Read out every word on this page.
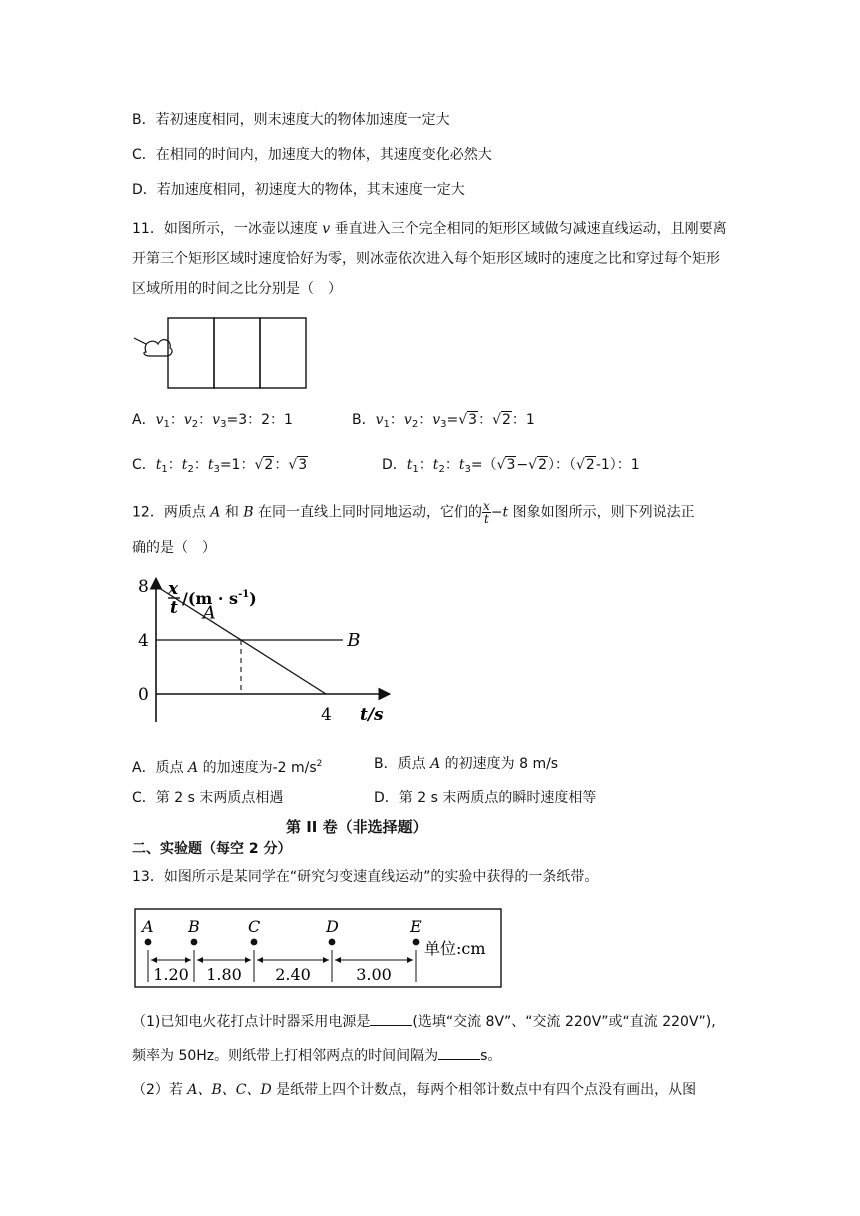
B．若初速度相同，则末速度大的物体加速度一定大
C．在相同的时间内，加速度大的物体，其速度变化必然大
D．若加速度相同，初速度大的物体，其末速度一定大
11．如图所示，一冰壶以速度 v 垂直进入三个完全相同的矩形区域做匀减速直线运动，且刚要离开第三个矩形区域时速度恰好为零，则冰壶依次进入每个矩形区域时的速度之比和穿过每个矩形区域所用的时间之比分别是（　）
A．$v_1$：$v_2$：$v_3=3$：2：1	B．$v_1$：$v_2$：$v_3=√3$：√2：1
C．$t_1$：$t_2$：$t_3=1$：√2：√3	D．$t_1$：$t_2$：$t_3=(√3-√2)$：（√2-1）：1
12．两质点 A 和 B 在同一直线上同时同地运动，它们的 $\frac{x}{t} -t$ 图象如图所示，则下列说法正
确的是（　）
x
t $/(m \cdot s^{-1})$
8
4
0
4
A
B
t/s
A．质点 A 的加速度为-2 $m/s^2$	B．质点 A 的初速度为 8 m/s
C．第 2 s 末两质点相遇	D．第 2 s 末两质点的瞬时速度相等
第 II 卷（非选择题）
二、实验题（每空 2 分）
13．如图所示是某同学在“研究匀变速直线运动”的实验中获得的一条纸带。
A B	C	D	E
1.20 1.80 2.40	3.00
单位:cm
（1)已知电火花打点计时器采用电源是	(选填“交流 8V”、“交流 220V”或“直流 220V”),
频率为 50Hz。则纸带上打相邻两点的时间间隔为	s。
（2）若 A、B、C、D 是纸带上四个计数点，每两个相邻计数点中有四个点没有画出，从图
